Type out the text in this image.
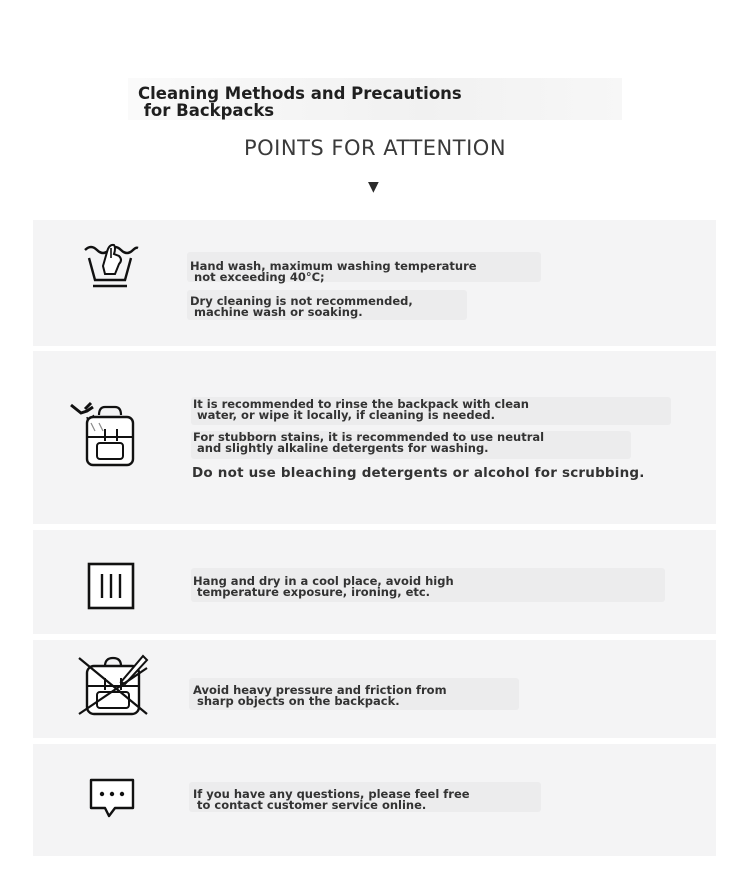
Cleaning Methods and Precautions
for Backpacks
POINTS FOR ATTENTION
▼

Hand wash, maximum washing temperature

not exceeding 40°C;

Dry cleaning is not recommended,

machine wash or soaking.

It is recommended to rinse the backpack with clean

water, or wipe it locally, if cleaning is needed.

For stubborn stains, it is recommended to use neutral

and slightly alkaline detergents for washing.

Do not use bleaching detergents or alcohol for scrubbing.

Hang and dry in a cool place, avoid high

temperature exposure, ironing, etc.

Avoid heavy pressure and friction from

sharp objects on the backpack.

If you have any questions, please feel free

to contact customer service online.
